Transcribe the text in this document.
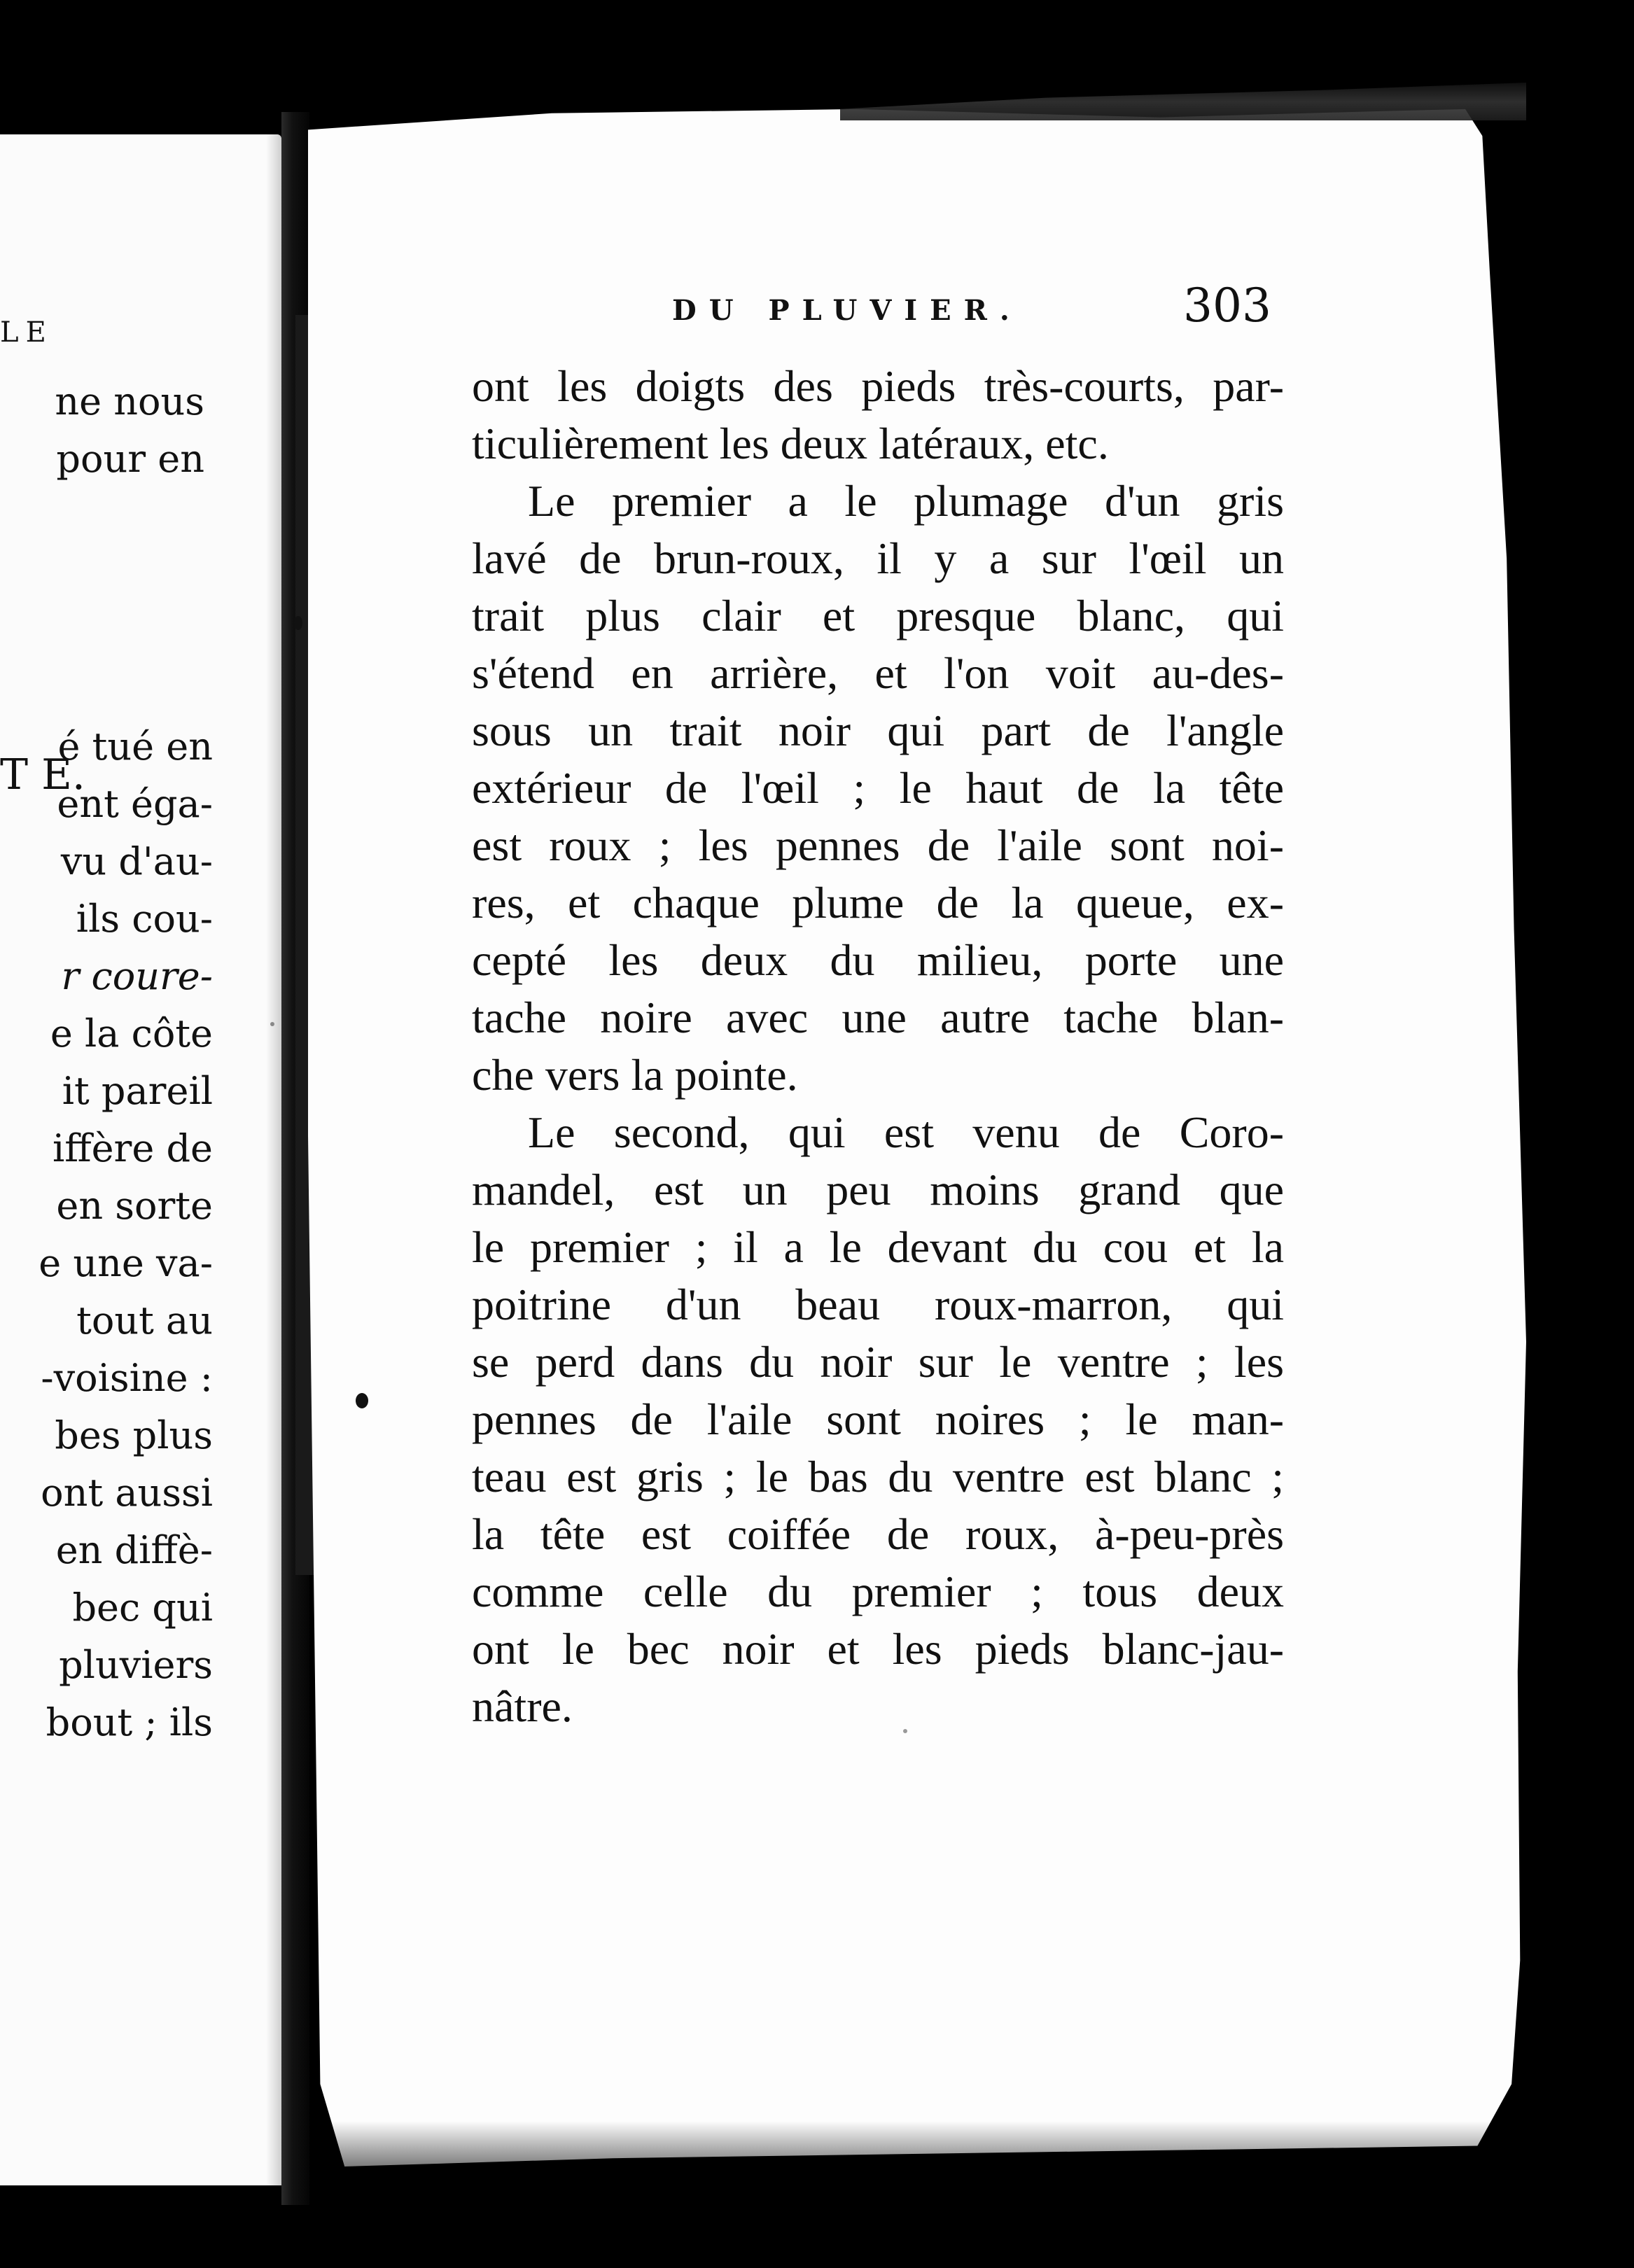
LE

T E.

ne nous

pour en

é tué en

ent éga-

vu d'au-

ils cou-

r coure-

e la côte

it pareil

iffère de

en sorte

e une va-

tout au

-voisine :

bes plus

ont aussi

en diffè-

bec qui

pluviers

bout ; ils

DU PLUVIER.	303

ont les doigts des pieds très-courts, par-

ticulièrement les deux latéraux, etc.

Le premier a le plumage d'un gris

lavé de brun-roux, il y a sur l'œil un

trait plus clair et presque blanc, qui

s'étend en arrière, et l'on voit au-des-

sous un trait noir qui part de l'angle

extérieur de l'œil ; le haut de la tête

est roux ; les pennes de l'aile sont noi-

res, et chaque plume de la queue, ex-

cepté les deux du milieu, porte une

tache noire avec une autre tache blan-

che vers la pointe.

Le second, qui est venu de Coro-

mandel, est un peu moins grand que

le premier ; il a le devant du cou et la

poitrine d'un beau roux-marron, qui

se perd dans du noir sur le ventre ; les

pennes de l'aile sont noires ; le man-

teau est gris ; le bas du ventre est blanc ;

la tête est coiffée de roux, à-peu-près

comme celle du premier ; tous deux

ont le bec noir et les pieds blanc-jau-

nâtre.
